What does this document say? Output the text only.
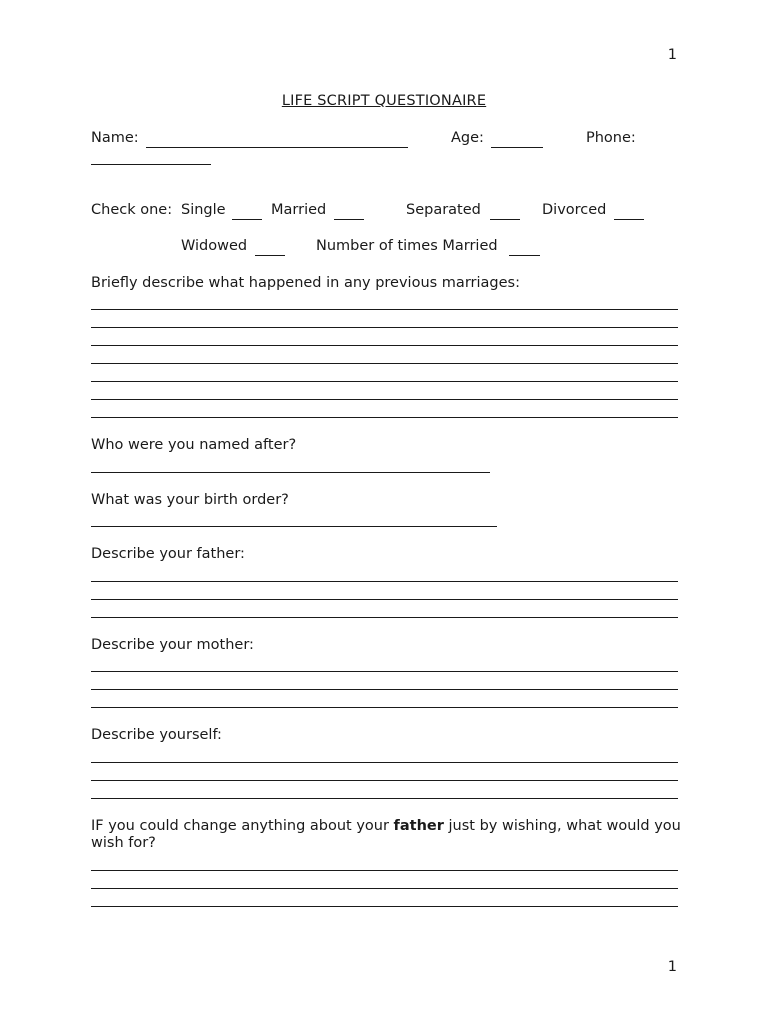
1
LIFE SCRIPT QUESTIONAIRE
Name:	Age:	Phone:
Check one: Single	Married	Separated	Divorced
Widowed	Number of times Married
Briefly describe what happened in any previous marriages:
Who were you named after?
What was your birth order?
Describe your father:
Describe your mother:
Describe yourself:
IF you could change anything about your father just by wishing, what would you wish for?
1
